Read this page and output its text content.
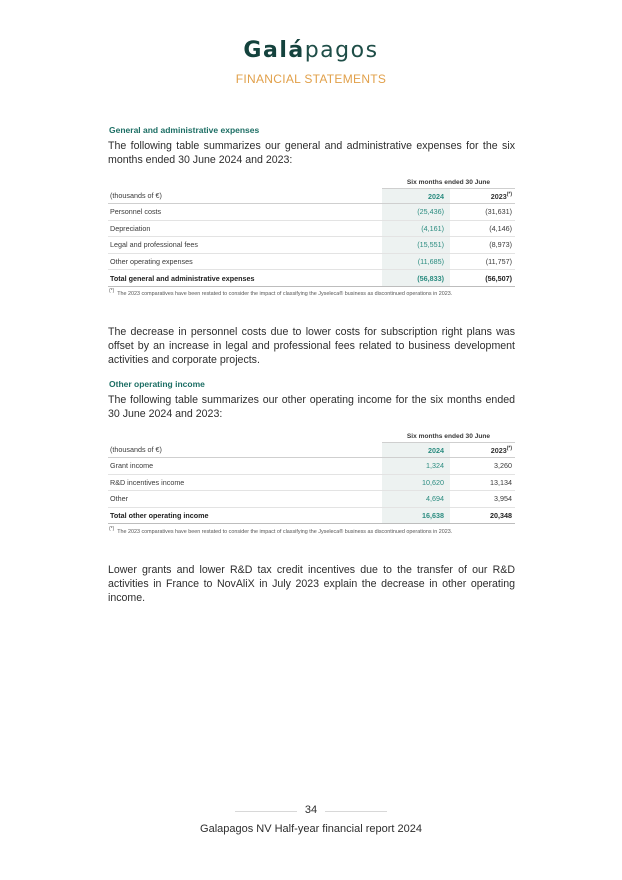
Galápagos
FINANCIAL STATEMENTS
General and administrative expenses
The following table summarizes our general and administrative expenses for the six months ended 30 June 2024 and 2023:
	Six months ended 30 June	
(thousands of €)	2024	2023(*)
Personnel costs	(25,436)	(31,631)
Depreciation	(4,161)	(4,146)
Legal and professional fees	(15,551)	(8,973)
Other operating expenses	(11,685)	(11,757)
Total general and administrative expenses	(56,833)	(56,507)
(*) The 2023 comparatives have been restated to consider the impact of classifying the Jyseleca® business as discontinued operations in 2023.
The decrease in personnel costs due to lower costs for subscription right plans was offset by an increase in legal and professional fees related to business development activities and corporate projects.
Other operating income
The following table summarizes our other operating income for the six months ended 30 June 2024 and 2023:
	Six months ended 30 June	
(thousands of €)	2024	2023(*)
Grant income	1,324	3,260
R&D incentives income	10,620	13,134
Other	4,694	3,954
Total other operating income	16,638	20,348
(*) The 2023 comparatives have been restated to consider the impact of classifying the Jyseleca® business as discontinued operations in 2023.
Lower grants and lower R&D tax credit incentives due to the transfer of our R&D activities in France to NovAliX in July 2023 explain the decrease in other operating income.
34
Galapagos NV Half-year financial report 2024
